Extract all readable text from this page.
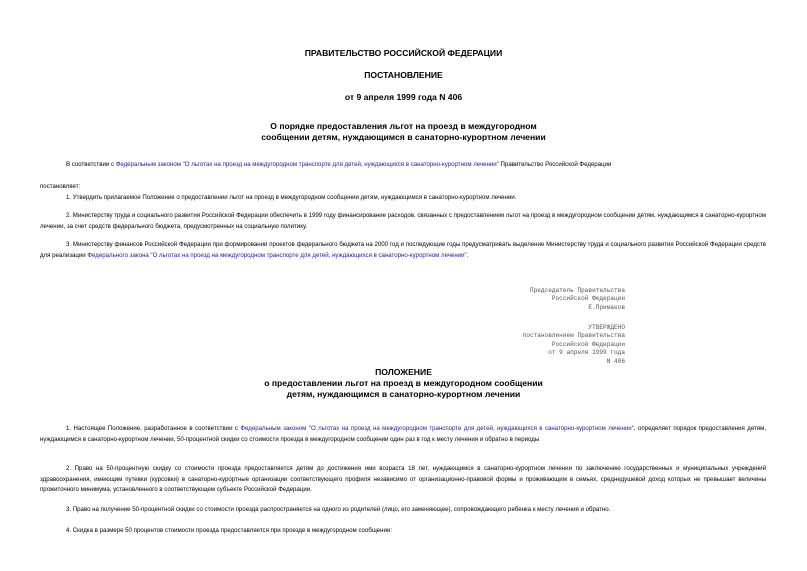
ПРАВИТЕЛЬСТВО РОССИЙСКОЙ ФЕДЕРАЦИИ
ПОСТАНОВЛЕНИЕ
от 9 апреля 1999 года N 406
О порядке предоставления льгот на проезд в междугородном
сообщении детям, нуждающимся в санаторно-курортном лечении
В соответствии с Федеральным законом "О льготах на проезд на междугородном транспорте для детей, нуждающихся в санаторно-курортном лечении" Правительство Российской Федерации
постановляет:
1. Утвердить прилагаемое Положение о предоставлении льгот на проезд в междугородном сообщении детям, нуждающимся в санаторно-курортном лечении.
2. Министерству труда и социального развития Российской Федерации обеспечить в 1999 году финансирование расходов, связанных с предоставлением льгот на проезд в междугородном сообщении детям, нуждающимся в санаторно-курортном лечении, за счет средств федерального бюджета, предусмотренных на социальную политику.
3. Министерству финансов Российской Федерации при формировании проектов федерального бюджета на 2000 год и последующие годы предусматривать выделение Министерству труда и социального развития Российской Федерации средств для реализации Федерального закона "О льготах на проезд на междугородном транспорте для детей, нуждающихся в санаторно-курортном лечении".
Председатель Правительства
Российской Федерации
Е.Примаков
УТВЕРЖДЕНО
постановлением Правительства
Российской Федерации
от 9 апреля 1999 года
N 406
ПОЛОЖЕНИЕ
о предоставлении льгот на проезд в междугородном сообщении
детям, нуждающимся в санаторно-курортном лечении
1. Настоящее Положение, разработанное в соответствии с Федеральным законом "О льготах на проезд на междугородном транспорте для детей, нуждающихся в санаторно-курортном лечении", определяет порядок предоставления детям, нуждающимся в санаторно-курортном лечении, 50-процентной скидки со стоимости проезда в междугородном сообщении один раз в год к месту лечения и обратно в периоды
2. Право на 50-процентную скидку со стоимости проезда предоставляется детям до достижения ими возраста 18 лет, нуждающимся в санаторно-курортном лечении по заключению государственных и муниципальных учреждений здравоохранения, имеющим путевки (курсовки) в санаторно-курортные организации соответствующего профиля независимо от организационно-правовой формы и проживающим в семьях, среднедушевой доход которых не превышает величины прожиточного минимума, установленного в соответствующем субъекте Российской Федерации.
3. Право на получение 50-процентной скидки со стоимости проезда распространяется на одного из родителей (лицо, его заменяющее), сопровождающего ребенка к месту лечения и обратно.
4. Скидка в размере 50 процентов стоимости проезда предоставляется при проезде в междугородном сообщении:
